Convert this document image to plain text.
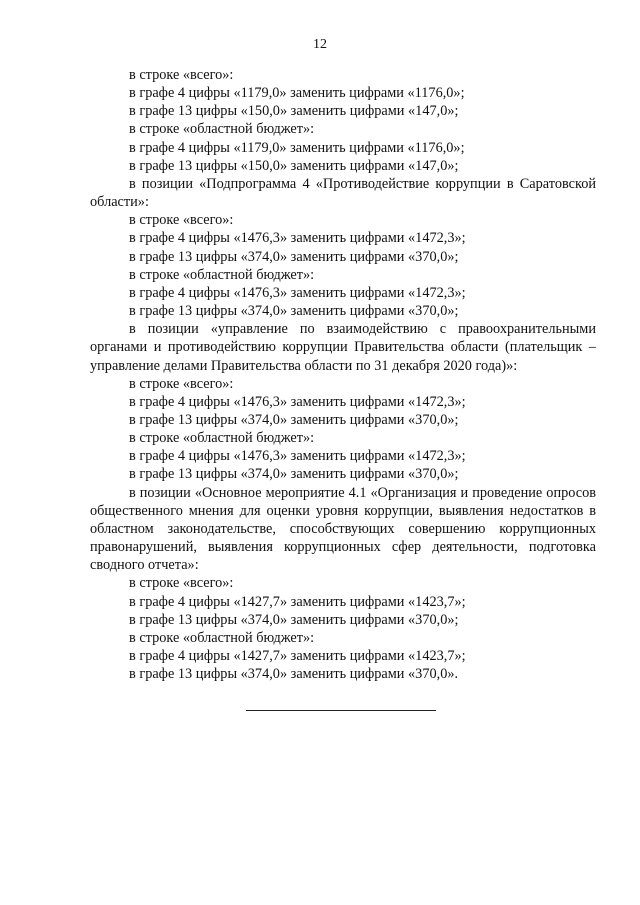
12
в строке «всего»:
в графе 4 цифры «1179,0» заменить цифрами «1176,0»;
в графе 13 цифры «150,0» заменить цифрами «147,0»;
в строке «областной бюджет»:
в графе 4 цифры «1179,0» заменить цифрами «1176,0»;
в графе 13 цифры «150,0» заменить цифрами «147,0»;
в позиции «Подпрограмма 4 «Противодействие коррупции в Саратовской области»:
в строке «всего»:
в графе 4 цифры «1476,3» заменить цифрами «1472,3»;
в графе 13 цифры «374,0» заменить цифрами «370,0»;
в строке «областной бюджет»:
в графе 4 цифры «1476,3» заменить цифрами «1472,3»;
в графе 13 цифры «374,0» заменить цифрами «370,0»;
в позиции «управление по взаимодействию с правоохранительными органами и противодействию коррупции Правительства области (плательщик – управление делами Правительства области по 31 декабря 2020 года)»:
в строке «всего»:
в графе 4 цифры «1476,3» заменить цифрами «1472,3»;
в графе 13 цифры «374,0» заменить цифрами «370,0»;
в строке «областной бюджет»:
в графе 4 цифры «1476,3» заменить цифрами «1472,3»;
в графе 13 цифры «374,0» заменить цифрами «370,0»;
в позиции «Основное мероприятие 4.1 «Организация и проведение опросов общественного мнения для оценки уровня коррупции, выявления недостатков в областном законодательстве, способствующих совершению коррупционных правонарушений, выявления коррупционных сфер деятельности, подготовка сводного отчета»:
в строке «всего»:
в графе 4 цифры «1427,7» заменить цифрами «1423,7»;
в графе 13 цифры «374,0» заменить цифрами «370,0»;
в строке «областной бюджет»:
в графе 4 цифры «1427,7» заменить цифрами «1423,7»;
в графе 13 цифры «374,0» заменить цифрами «370,0».
